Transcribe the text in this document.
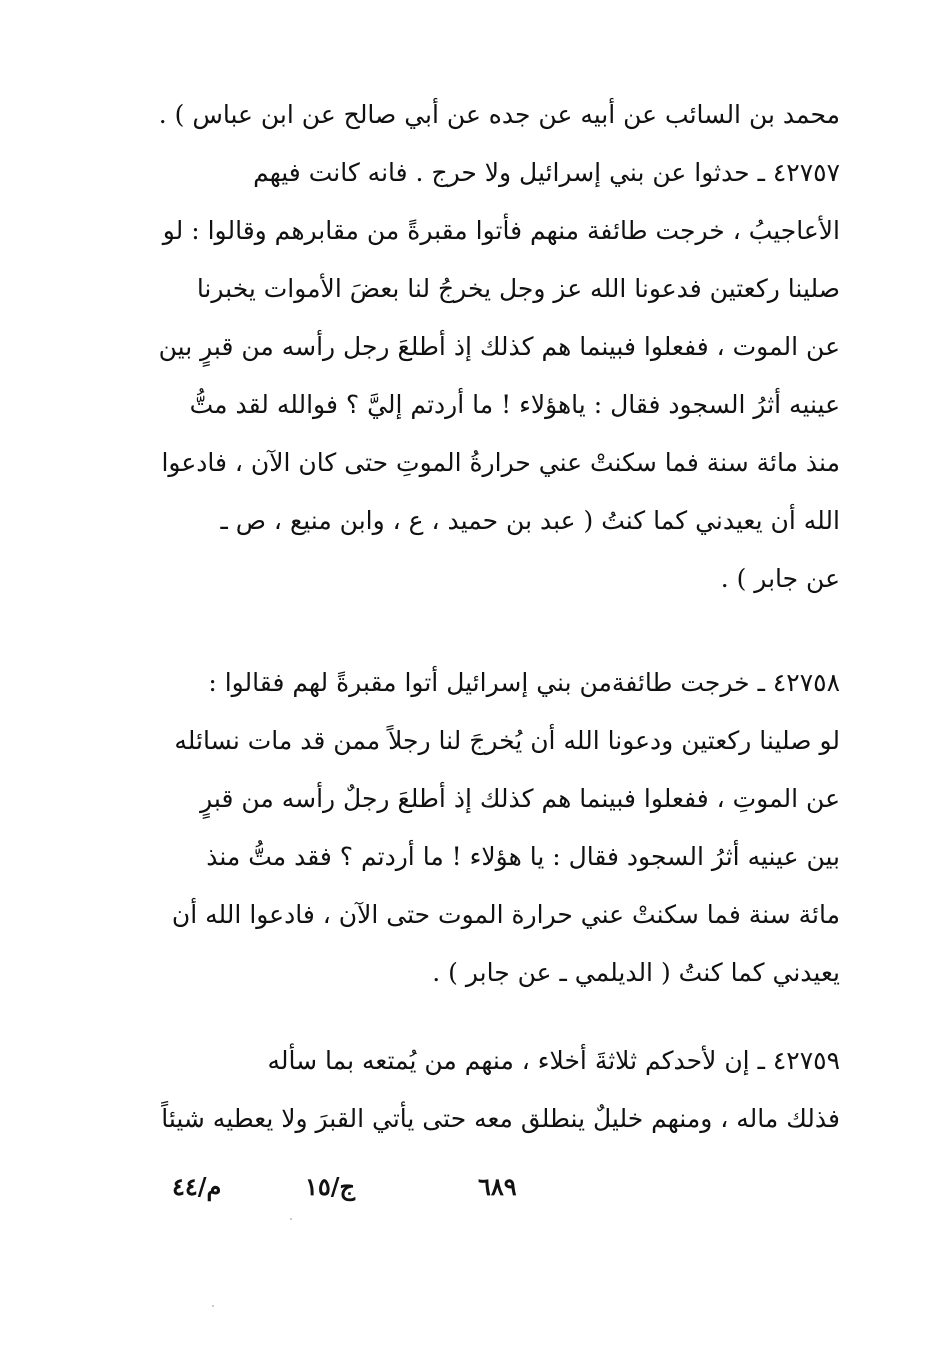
محمد بن السائب عن أبيه عن جده عن أبي صالح عن ابن عباس ) .
٤٢٧٥٧ ـ حدثوا عن بني إسرائيل ولا حرج . فانه كانت فيهم
الأعاجيبُ ، خرجت طائفة منهم فأتوا مقبرةً من مقابرهم وقالوا : لو
صلينا ركعتين فدعونا الله عز وجل يخرجُ لنا بعضَ الأموات يخبرنا
عن الموت ، ففعلوا فبينما هم كذلك إذ أطلعَ رجل رأسه من قبرٍ بين
عينيه أثرُ السجود فقال : ياهؤلاء ! ما أردتم إليَّ ؟ فوالله لقد متُّ
منذ مائة سنة فما سكنتْ عني حرارةُ الموتِ حتى كان الآن ، فادعوا
الله أن يعيدني كما كنتُ ( عبد بن حميد ، ع ، وابن منيع ، ص ـ
عن جابر ) .
٤٢٧٥٨ ـ خرجت طائفةمن بني إسرائيل أتوا مقبرةً لهم فقالوا :
لو صلينا ركعتين ودعونا الله أن يُخرجَ لنا رجلاً ممن قد مات نسائله
عن الموتِ ، ففعلوا فبينما هم كذلك إذ أطلعَ رجلٌ رأسه من قبرٍ
بين عينيه أثرُ السجود فقال : يا هؤلاء ! ما أردتم ؟ فقد متُّ منذ
مائة سنة فما سكنتْ عني حرارة الموت حتى الآن ، فادعوا الله أن
يعيدني كما كنتُ ( الديلمي ـ عن جابر ) .
٤٢٧٥٩ ـ إن لأحدكم ثلاثةَ أخلاء ، منهم من يُمتعه بما سأله
فذلك ماله ، ومنهم خليلٌ ينطلق معه حتى يأتي القبرَ ولا يعطيه شيئاً
٦٨٩
ج/١٥
م/٤٤
